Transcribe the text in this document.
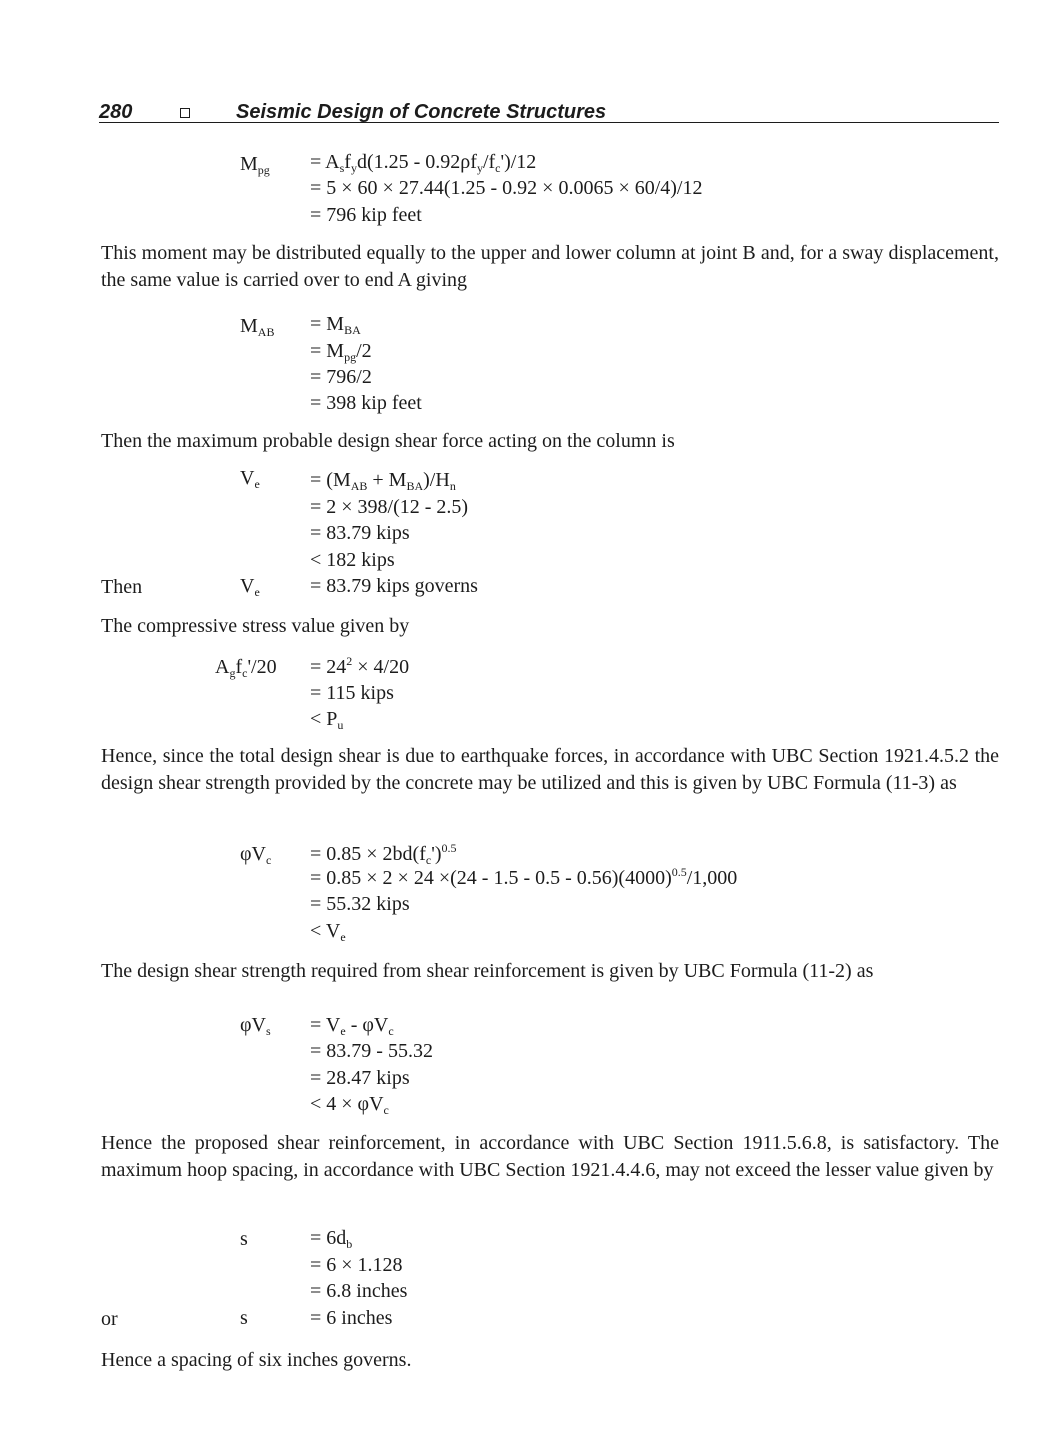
280	Seismic Design of Concrete Structures
$M_{pg} = A_sf_yd(1.25 - 0.92\rho f_y/f_c')/12$
= 5 × 60 × 27.44(1.25 - 0.92 × 0.0065 × 60/4)/12
= 796 kip feet

This moment may be distributed equally to the upper and lower column at joint B and, for a sway displacement, the same value is carried over to end A giving

$M_{AB} = M_{BA}$
= $M_{pg}/2$
= 796/2
= 398 kip feet

Then the maximum probable design shear force acting on the column is

$V_e$	= $(M_{AB} + M_{BA})/H_n$
= 2 × 398/(12 - 2.5)
= 83.79 kips
< 182 kips
Then	$V_e$	= 83.79 kips governs

The compressive stress value given by

$A_gf_c'/20 = 24^2 \times 4/20$
= 115 kips
< $P_u$

Hence, since the total design shear is due to earthquake forces, in accordance with UBC Section 1921.4.5.2 the design shear strength provided by the concrete may be utilized and this is given by UBC Formula (11-3) as

$\varphi V_c = 0.85 \times 2bd(f_c')^{0.5}$
= $0.85 \times 2 \times 24 \times(24 - 1.5 - 0.5 - 0.56)(4000)^{0.5}/1,000$
= 55.32 kips
< $V_e$

The design shear strength required from shear reinforcement is given by UBC Formula (11-2) as

$\varphi V_s = V_e - \varphi V_c$
= 83.79 - 55.32
= 28.47 kips
< $4 \times \varphi V_c$

Hence the proposed shear reinforcement, in accordance with UBC Section 1911.5.6.8, is satisfactory. The maximum hoop spacing, in accordance with UBC Section 1921.4.4.6, may not exceed the lesser value given by

s	= $6d_b$
= 6 × 1.128
= 6.8 inches
or	s	= 6 inches

Hence a spacing of six inches governs.
